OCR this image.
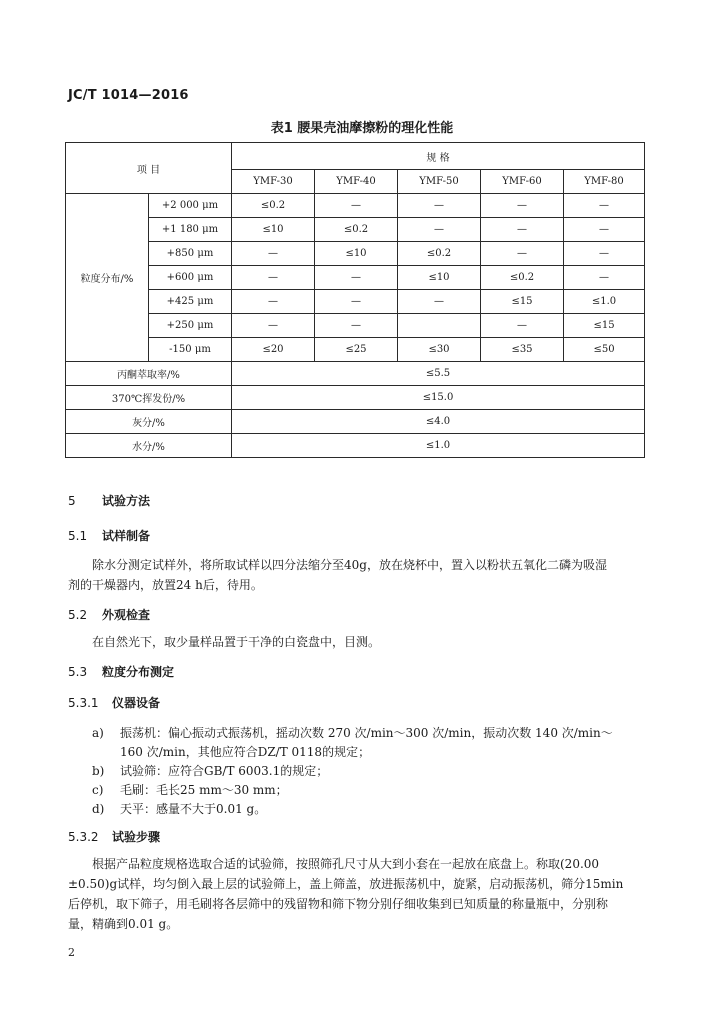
JC/T 1014—2016
表1 腰果壳油摩擦粉的理化性能
项 目		规 格				
		YMF-30	YMF-40	YMF-50	YMF-60	YMF-80
粒度分布/%	+2 000 μm	≤0.2	—	—	—	—
	+1 180 μm	≤10	≤0.2	—	—	—
	+850 μm	—	≤10	≤0.2	—	—
	+600 μm	—	—	≤10	≤0.2	—
	+425 μm	—	—	—	≤15	≤1.0
	+250 μm	—	—		—	≤15
	-150 μm	≤20	≤25	≤30	≤35	≤50
丙酮萃取率/%		≤5.5				
370℃挥发份/%		≤15.0				
灰分/%		≤4.0				
水分/%		≤1.0				
5 试验方法
5.1 试样制备
除水分测定试样外，将所取试样以四分法缩分至40g，放在烧杯中，置入以粉状五氧化二磷为吸湿
剂的干燥器内，放置24 h后，待用。
5.2 外观检查
在自然光下，取少量样品置于干净的白瓷盘中，目测。
5.3 粒度分布测定
5.3.1 仪器设备
a)	振荡机：偏心振动式振荡机，摇动次数 270 次/min～300 次/min，振动次数 140 次/min～
160 次/min，其他应符合DZ/T 0118的规定；
b)	试验筛：应符合GB/T 6003.1的规定；
c)	毛刷：毛长25 mm～30 mm；
d)	天平：感量不大于0.01 g。
5.3.2 试验步骤
根据产品粒度规格选取合适的试验筛，按照筛孔尺寸从大到小套在一起放在底盘上。称取(20.00
±0.50)g试样，均匀倒入最上层的试验筛上，盖上筛盖，放进振荡机中，旋紧，启动振荡机，筛分15min
后停机，取下筛子，用毛刷将各层筛中的残留物和筛下物分别仔细收集到已知质量的称量瓶中，分别称
量，精确到0.01 g。
2
